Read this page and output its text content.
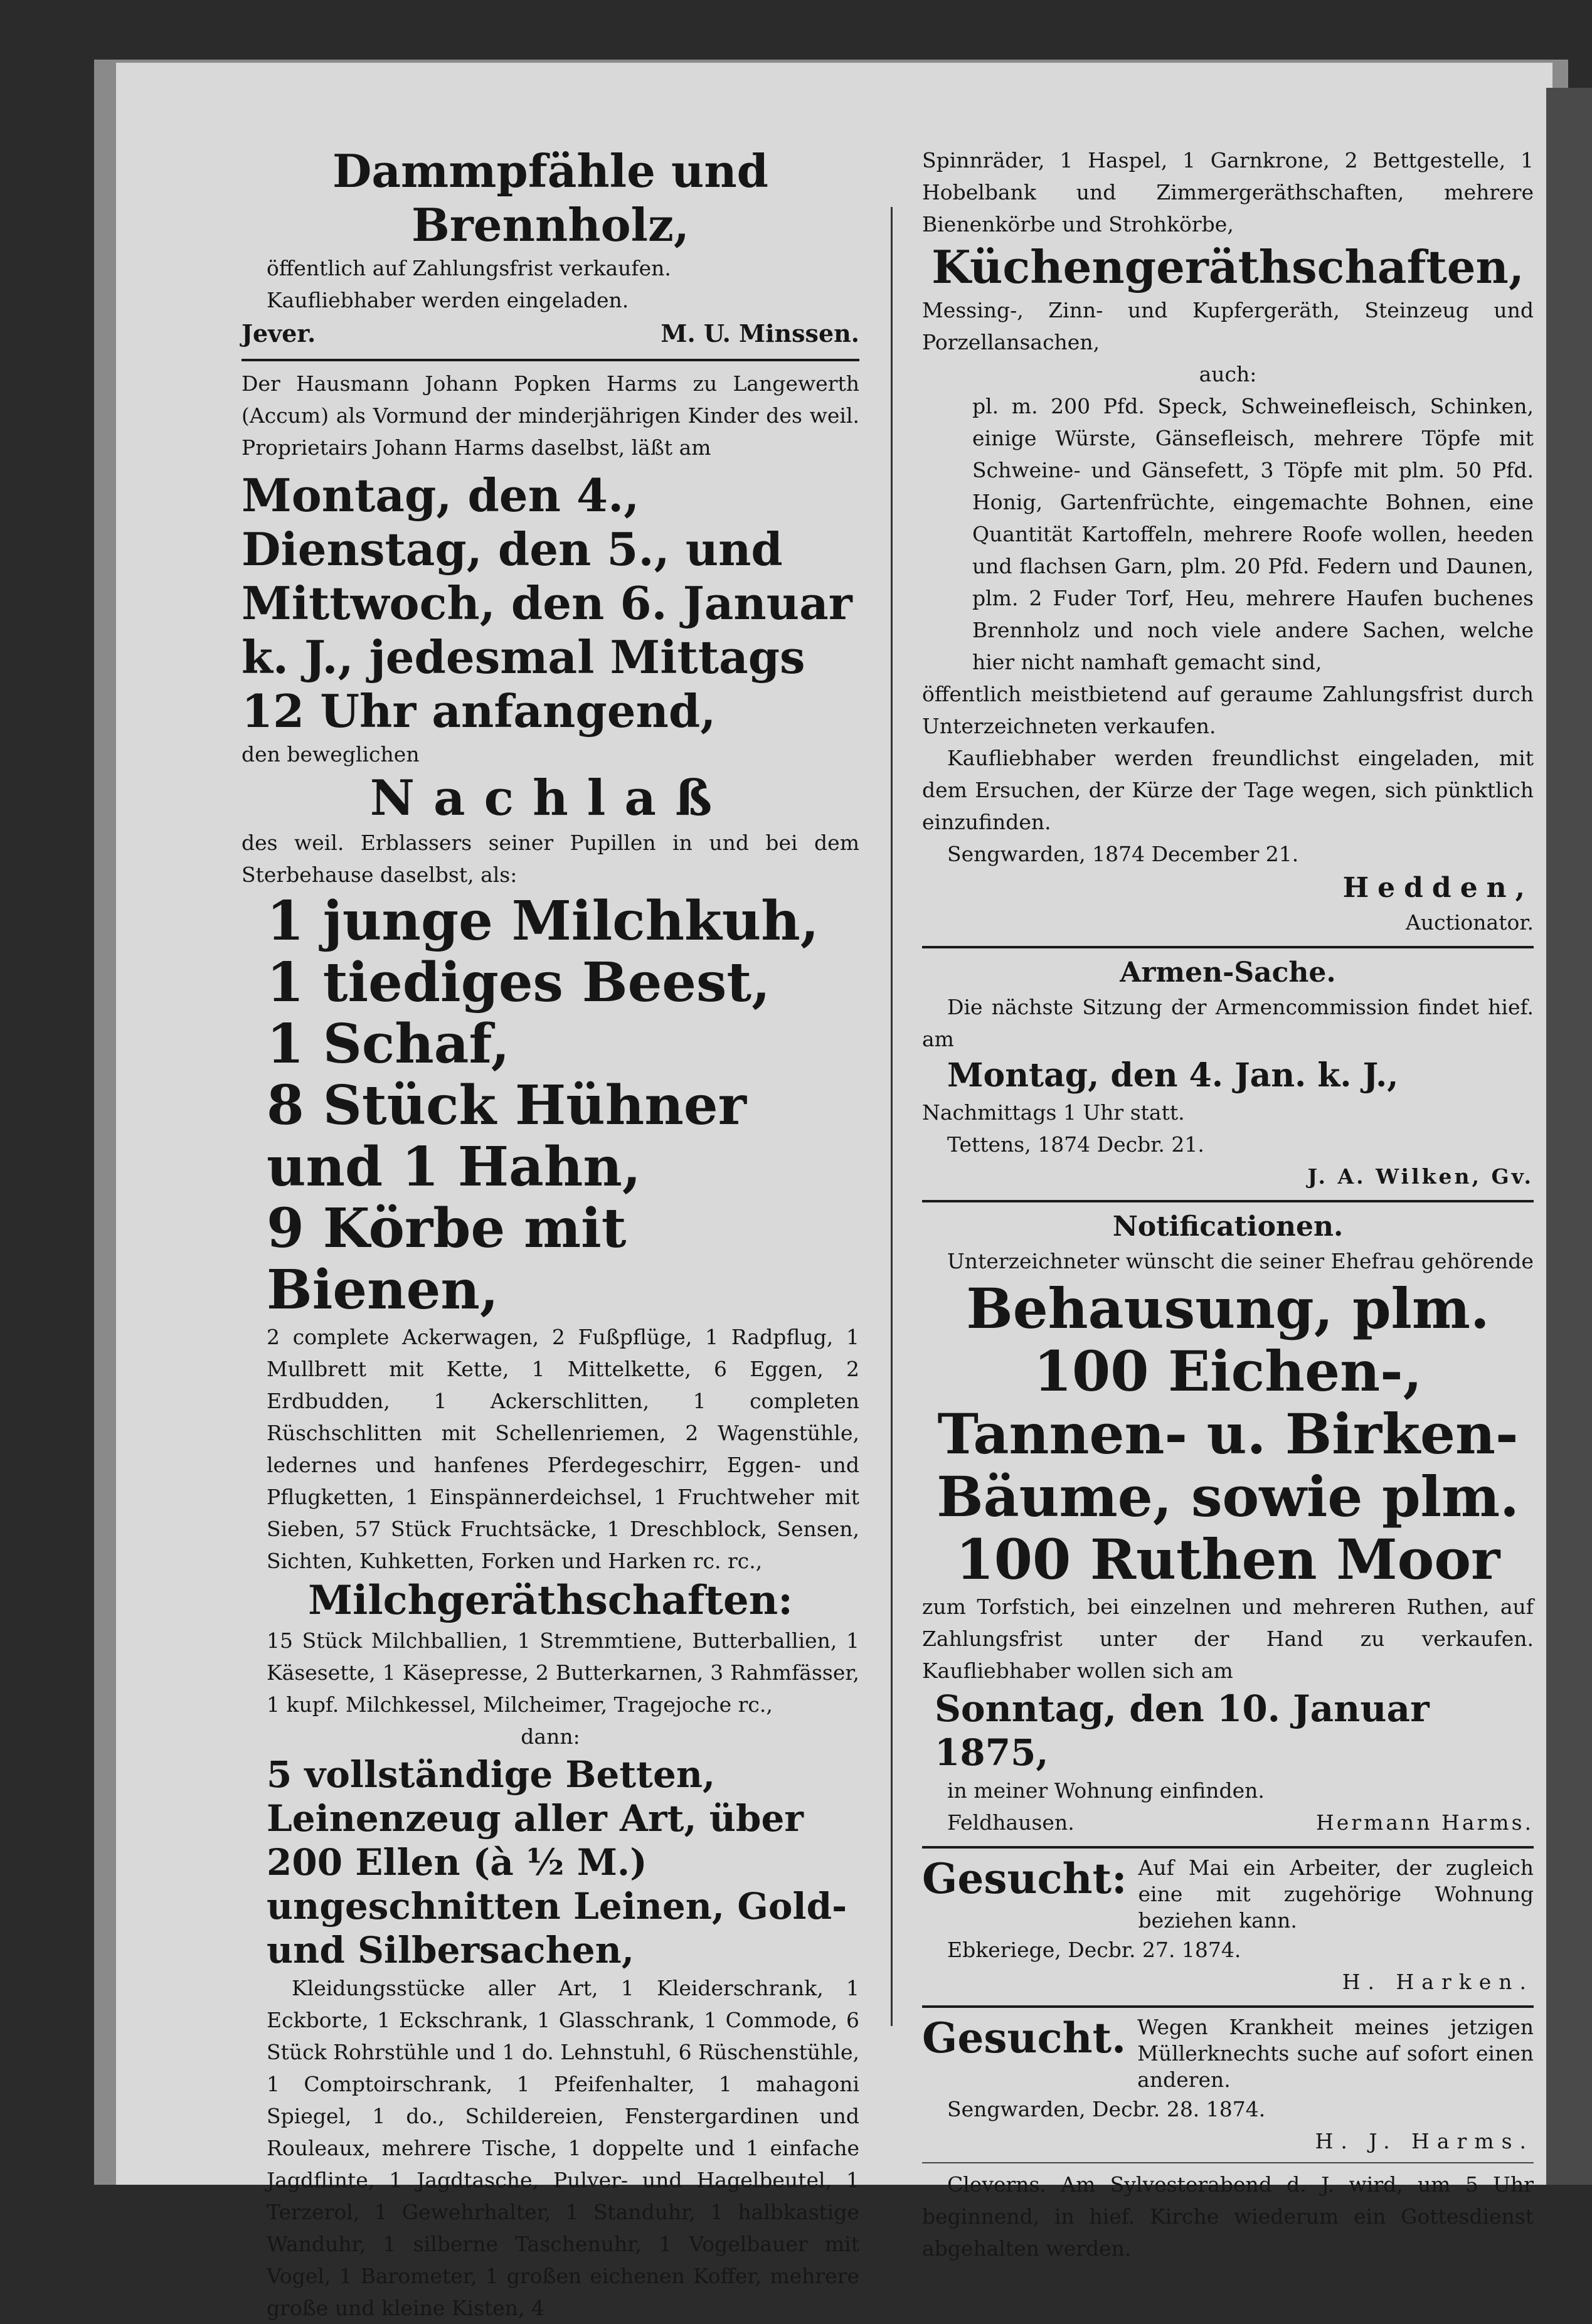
Dammpfähle und Brennholz,

öffentlich auf Zahlungsfrist verkaufen.

Kaufliebhaber werden eingeladen.

Jever.	M. U. Minssen.

Der Hausmann Johann Popken Harms zu Langewerth (Accum) als Vormund der minderjährigen Kinder des weil. Proprietairs Johann Harms daselbst, läßt am

Montag, den 4., Dienstag, den 5., und Mittwoch, den 6. Januar k. J., jedesmal Mittags 12 Uhr anfangend,

den beweglichen

Nachlaß

des weil. Erblassers seiner Pupillen in und bei dem Sterbehause daselbst, als:

1 junge Milchkuh,

1 tiediges Beest,

1 Schaf,

8 Stück Hühner und 1 Hahn,

9 Körbe mit Bienen,

2 complete Ackerwagen, 2 Fußpflüge, 1 Radpflug, 1 Mullbrett mit Kette, 1 Mittelkette, 6 Eggen, 2 Erdbudden, 1 Ackerschlitten, 1 completen Rüschschlitten mit Schellenriemen, 2 Wagenstühle, ledernes und hanfenes Pferdegeschirr, Eggen- und Pflugketten, 1 Einspännerdeichsel, 1 Fruchtweher mit Sieben, 57 Stück Fruchtsäcke, 1 Dreschblock, Sensen, Sichten, Kuhketten, Forken und Harken rc. rc.,

Milchgeräthschaften:

15 Stück Milchballien, 1 Stremmtiene, Butterballien, 1 Käsesette, 1 Käsepresse, 2 Butterkarnen, 3 Rahmfässer, 1 kupf. Milchkessel, Milcheimer, Tragejoche rc.,

dann:

5 vollständige Betten, Leinenzeug aller Art, über 200 Ellen (à ½ M.) ungeschnitten Leinen, Gold- und Silbersachen,

Kleidungsstücke aller Art, 1 Kleiderschrank, 1 Eckborte, 1 Eckschrank, 1 Glasschrank, 1 Commode, 6 Stück Rohrstühle und 1 do. Lehnstuhl, 6 Rüschenstühle, 1 Comptoirschrank, 1 Pfeifenhalter, 1 mahagoni Spiegel, 1 do., Schildereien, Fenstergardinen und Rouleaux, mehrere Tische, 1 doppelte und 1 einfache Jagdflinte, 1 Jagdtasche, Pulver- und Hagelbeutel, 1 Terzerol, 1 Gewehrhalter, 1 Standuhr, 1 halbkastige Wanduhr, 1 silberne Taschenuhr, 1 Vogelbauer mit Vogel, 1 Barometer, 1 großen eichenen Koffer, mehrere große und kleine Kisten, 4

Spinnräder, 1 Haspel, 1 Garnkrone, 2 Bettgestelle, 1 Hobelbank und Zimmergeräthschaften, mehrere Bienenkörbe und Strohkörbe,

Küchengeräthschaften,

Messing-, Zinn- und Kupfergeräth, Steinzeug und Porzellansachen,

auch:

pl. m. 200 Pfd. Speck, Schweinefleisch, Schinken, einige Würste, Gänsefleisch, mehrere Töpfe mit Schweine- und Gänsefett, 3 Töpfe mit plm. 50 Pfd. Honig, Gartenfrüchte, eingemachte Bohnen, eine Quantität Kartoffeln, mehrere Roofe wollen, heeden und flachsen Garn, plm. 20 Pfd. Federn und Daunen, plm. 2 Fuder Torf, Heu, mehrere Haufen buchenes Brennholz und noch viele andere Sachen, welche hier nicht namhaft gemacht sind,

öffentlich meistbietend auf geraume Zahlungsfrist durch Unterzeichneten verkaufen.

Kaufliebhaber werden freundlichst eingeladen, mit dem Ersuchen, der Kürze der Tage wegen, sich pünktlich einzufinden.

Sengwarden, 1874 December 21.

Hedden,

Auctionator.

Armen-Sache.

Die nächste Sitzung der Armencommission findet hief. am

Montag, den 4. Jan. k. J.,

Nachmittags 1 Uhr statt.

Tettens, 1874 Decbr. 21.

J. A. Wilken, Gv.

Notificationen.

Unterzeichneter wünscht die seiner Ehefrau gehörende

Behausung, plm. 100 Eichen-, Tannen- u. Birken-Bäume, sowie plm. 100 Ruthen Moor

zum Torfstich, bei einzelnen und mehreren Ruthen, auf Zahlungsfrist unter der Hand zu verkaufen. Kaufliebhaber wollen sich am

Sonntag, den 10. Januar 1875,

in meiner Wohnung einfinden.

Feldhausen.	Hermann Harms.
Gesucht: Auf Mai ein Arbeiter, der zugleich eine mit zugehörige Wohnung beziehen kann.

Ebkeriege, Decbr. 27. 1874.

H. Harken.

Gesucht. Wegen Krankheit meines jetzigen Müllerknechts suche auf sofort einen anderen.

Sengwarden, Decbr. 28. 1874.

H. J. Harms.

Cleverns. Am Sylvesterabend d. J. wird, um 5 Uhr beginnend, in hief. Kirche wiederum ein Gottesdienst abgehalten werden.
